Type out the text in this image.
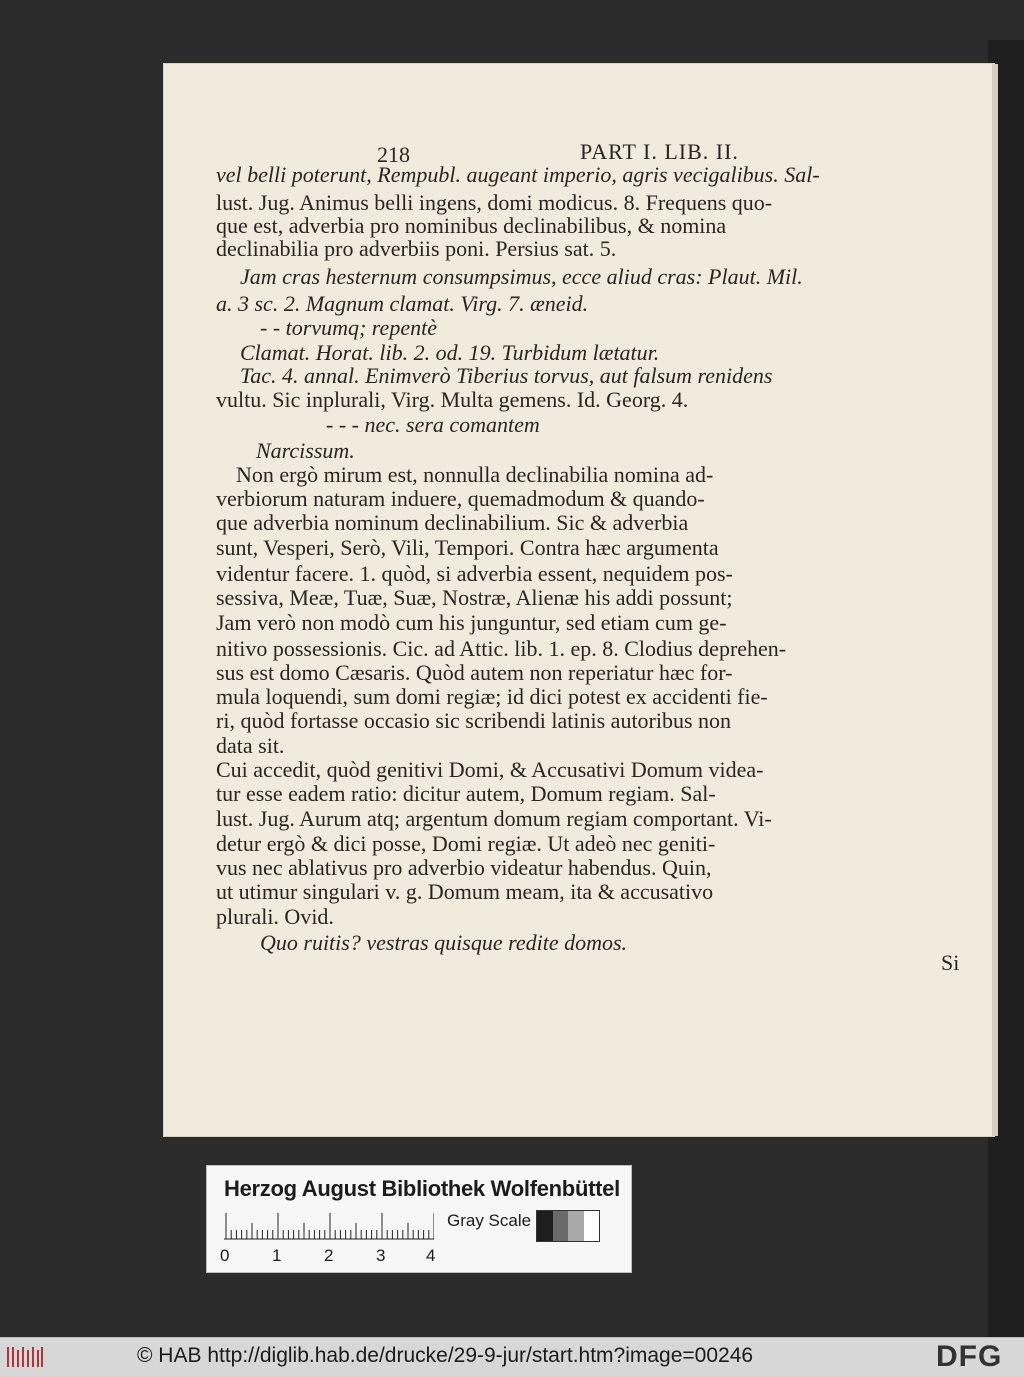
218	PART I. LIB. II.
vel belli poterunt, Rempubl. augeant imperio, agris vecigalibus. Sal-
lust. Jug. Animus belli ingens, domi modicus. 8. Frequens quo-
que est, adverbia pro nominibus declinabilibus, & nomina
declinabilia pro adverbiis poni. Persius sat. 5.
Jam cras hesternum consumpsimus, ecce aliud cras: Plaut. Mil.
a. 3 sc. 2. Magnum clamat. Virg. 7. æneid.
- - torvumq; repentè
Clamat. Horat. lib. 2. od. 19. Turbidum lætatur.
Tac. 4. annal. Enimverò Tiberius torvus, aut falsum renidens
vultu. Sic inplurali, Virg. Multa gemens. Id. Georg. 4.
- - - nec. sera comantem
Narcissum.
Non ergò mirum est, nonnulla declinabilia nomina ad-
verbiorum naturam induere, quemadmodum & quando-
que adverbia nominum declinabilium. Sic & adverbia
sunt, Vesperi, Serò, Vili, Tempori. Contra hæc argumenta
videntur facere. 1. quòd, si adverbia essent, nequidem pos-
sessiva, Meæ, Tuæ, Suæ, Nostræ, Alienæ his addi possunt;
Jam verò non modò cum his junguntur, sed etiam cum ge-
nitivo possessionis. Cic. ad Attic. lib. 1. ep. 8. Clodius deprehen-
sus est domo Cæsaris. Quòd autem non reperiatur hæc for-
mula loquendi, sum domi regiæ; id dici potest ex accidenti fie-
ri, quòd fortasse occasio sic scribendi latinis autoribus non
data sit.
Cui accedit, quòd genitivi Domi, & Accusativi Domum videa-
tur esse eadem ratio: dicitur autem, Domum regiam. Sal-
lust. Jug. Aurum atq; argentum domum regiam comportant. Vi-
detur ergò & dici posse, Domi regiæ. Ut adeò nec geniti-
vus nec ablativus pro adverbio videatur habendus. Quin,
ut utimur singulari v. g. Domum meam, ita & accusativo
plurali. Ovid.
Quo ruitis? vestras quisque redite domos.
Si
Herzog August Bibliothek Wolfenbüttel
0	1	2	3 4
Gray Scale
© HAB http://diglib.hab.de/drucke/29-9-jur/start.htm?image=00246	DFG
